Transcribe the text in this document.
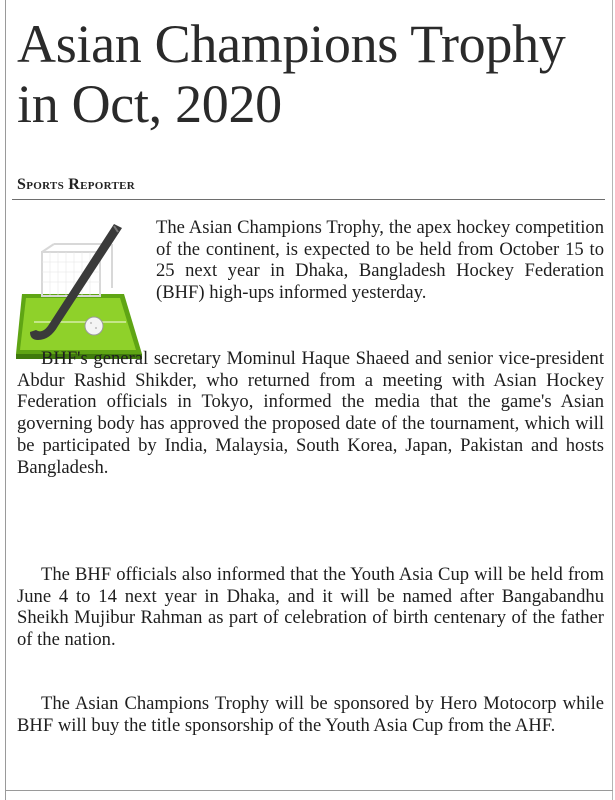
Asian Champions Trophy in Oct, 2020
Sports Reporter

The Asian Champions Trophy, the apex hockey competition of the continent, is expected to be held from October 15 to 25 next year in Dhaka, Bangladesh Hockey Federation (BHF) high-ups informed yesterday.

BHF's general secretary Mominul Haque Shaeed and senior vice-president Abdur Rashid Shikder, who returned from a meeting with Asian Hockey Federation officials in Tokyo, informed the media that the game's Asian governing body has approved the proposed date of the tournament, which will be participated by India, Malaysia, South Korea, Japan, Pakistan and hosts Bangladesh.

The BHF officials also informed that the Youth Asia Cup will be held from June 4 to 14 next year in Dhaka, and it will be named after Bangabandhu Sheikh Mujibur Rahman as part of celebration of birth centenary of the father of the nation.

The Asian Champions Trophy will be sponsored by Hero Motocorp while BHF will buy the title sponsorship of the Youth Asia Cup from the AHF.
